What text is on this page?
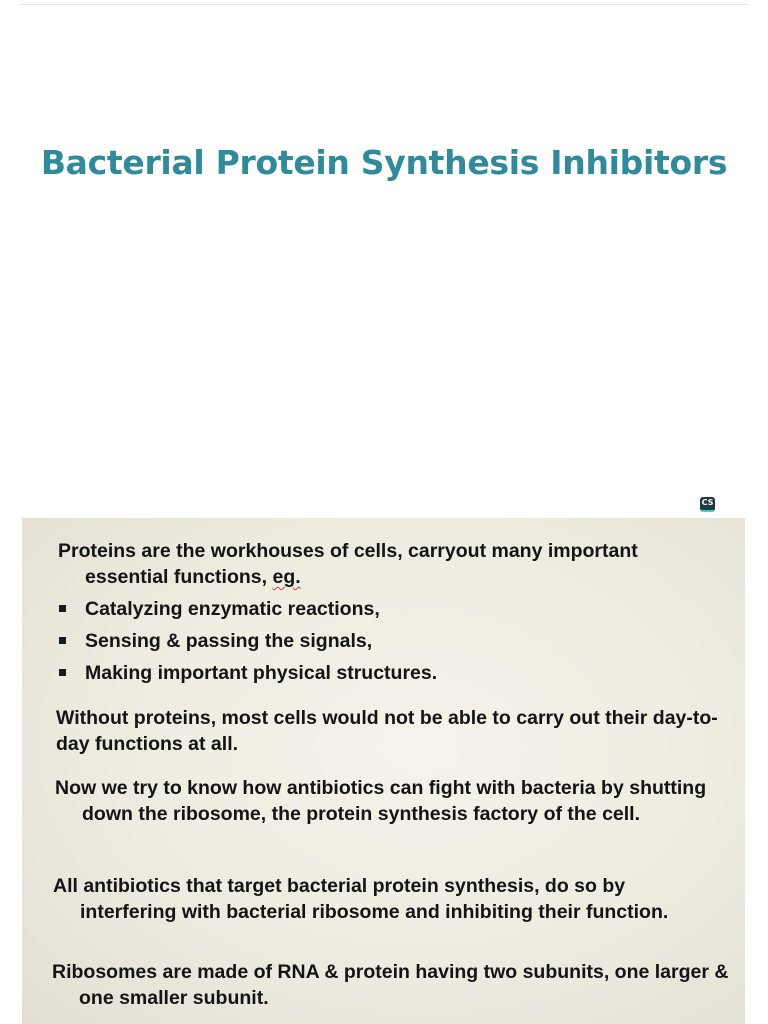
Bacterial Protein Synthesis Inhibitors
CS

Proteins are the workhouses of cells, carryout many important
essential functions, eg.

Catalyzing enzymatic reactions,
Sensing & passing the signals,
Making important physical structures.

Without proteins, most cells would not be able to carry out their day-to-day functions at all.

Now we try to know how antibiotics can fight with bacteria by shutting down the ribosome, the protein synthesis factory of the cell.

All antibiotics that target bacterial protein synthesis, do so by interfering with bacterial ribosome and inhibiting their function.

Ribosomes are made of RNA & protein having two subunits, one larger & one smaller subunit.
